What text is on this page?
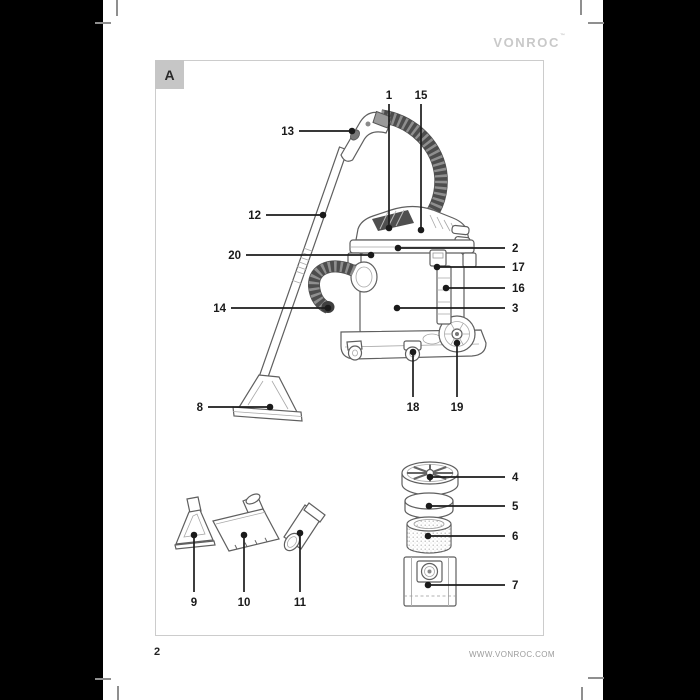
VONROC™
A
2	WWW.VONROC.COM
1 15
13
12
20
14
8
2
17
16
3
18	19
4
5
6
7
9	10	11
